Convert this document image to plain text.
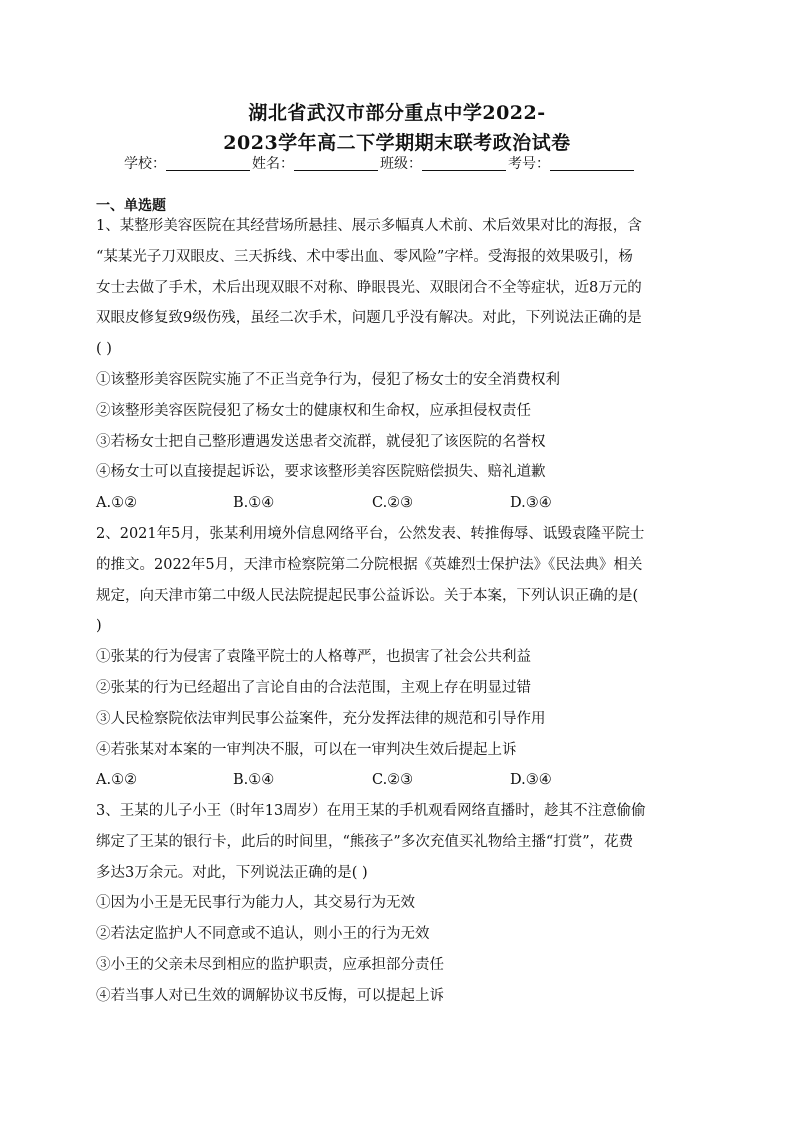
湖北省武汉市部分重点中学2022-
2023学年高二下学期期末联考政治试卷
学校：	姓名：	班级：	考号：
一、单选题
1、某整形美容医院在其经营场所悬挂、展示多幅真人术前、术后效果对比的海报，含
“某某光子刀双眼皮、三天拆线、术中零出血、零风险”字样。受海报的效果吸引，杨
女士去做了手术，术后出现双眼不对称、睁眼畏光、双眼闭合不全等症状，近8万元的
双眼皮修复致9级伤残，虽经二次手术，问题几乎没有解决。对此，下列说法正确的是
( )
①该整形美容医院实施了不正当竞争行为，侵犯了杨女士的安全消费权利
②该整形美容医院侵犯了杨女士的健康权和生命权，应承担侵权责任
③若杨女士把自己整形遭遇发送患者交流群，就侵犯了该医院的名誉权
④杨女士可以直接提起诉讼，要求该整形美容医院赔偿损失、赔礼道歉
A.①②	B.①④	C.②③	D.③④
2、2021年5月，张某利用境外信息网络平台，公然发表、转推侮辱、诋毁袁隆平院士
的推文。2022年5月，天津市检察院第二分院根据《英雄烈士保护法》《民法典》相关
规定，向天津市第二中级人民法院提起民事公益诉讼。关于本案，下列认识正确的是(
)
①张某的行为侵害了袁隆平院士的人格尊严，也损害了社会公共利益
②张某的行为已经超出了言论自由的合法范围，主观上存在明显过错
③人民检察院依法审判民事公益案件，充分发挥法律的规范和引导作用
④若张某对本案的一审判决不服，可以在一审判决生效后提起上诉
A.①②	B.①④	C.②③	D.③④
3、王某的儿子小王（时年13周岁）在用王某的手机观看网络直播时，趁其不注意偷偷
绑定了王某的银行卡，此后的时间里，“熊孩子”多次充值买礼物给主播“打赏”，花费
多达3万余元。对此，下列说法正确的是( )
①因为小王是无民事行为能力人，其交易行为无效
②若法定监护人不同意或不追认，则小王的行为无效
③小王的父亲未尽到相应的监护职责，应承担部分责任
④若当事人对已生效的调解协议书反悔，可以提起上诉
